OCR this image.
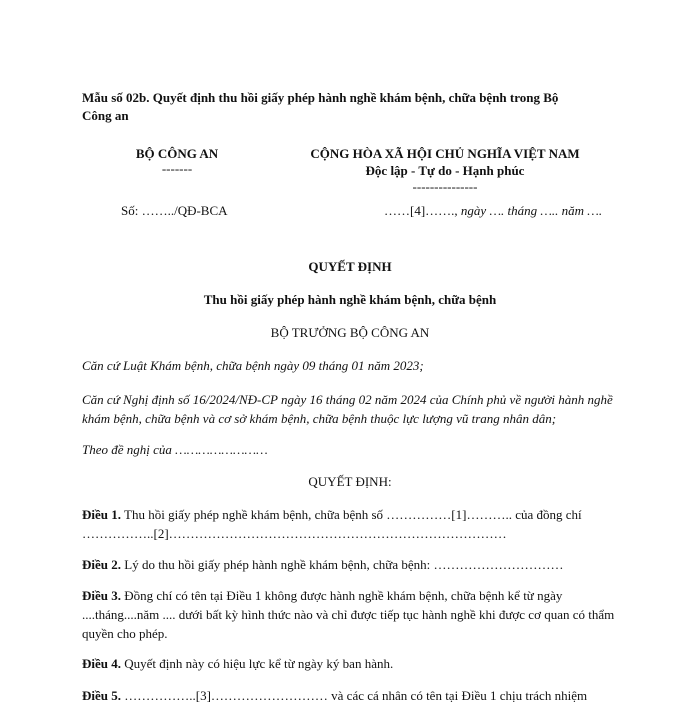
Mẫu số 02b. Quyết định thu hồi giấy phép hành nghề khám bệnh, chữa bệnh trong Bộ
Công an
BỘ CÔNG AN
-------
Số: ……../QĐ-BCA
CỘNG HÒA XÃ HỘI CHỦ NGHĨA VIỆT NAM
Độc lập - Tự do - Hạnh phúc
---------------
……[4]……., ngày …. tháng ….. năm ….
QUYẾT ĐỊNH
Thu hồi giấy phép hành nghề khám bệnh, chữa bệnh
BỘ TRƯỞNG BỘ CÔNG AN
Căn cứ Luật Khám bệnh, chữa bệnh ngày 09 tháng 01 năm 2023;
Căn cứ Nghị định số 16/2024/NĐ-CP ngày 16 tháng 02 năm 2024 của Chính phủ về người hành nghề khám bệnh, chữa bệnh và cơ sở khám bệnh, chữa bệnh thuộc lực lượng vũ trang nhân dân;
Theo đề nghị của ……………………
QUYẾT ĐỊNH:
Điều 1. Thu hồi giấy phép nghề khám bệnh, chữa bệnh số ……………[1]……….. của đồng chí ……………..[2]……………………………………………………………………
Điều 2. Lý do thu hồi giấy phép hành nghề khám bệnh, chữa bệnh: …………………………
Điều 3. Đồng chí có tên tại Điều 1 không được hành nghề khám bệnh, chữa bệnh kể từ ngày ....tháng....năm .... dưới bất kỳ hình thức nào và chỉ được tiếp tục hành nghề khi được cơ quan có thẩm quyền cho phép.
Điều 4. Quyết định này có hiệu lực kể từ ngày ký ban hành.
Điều 5. ……………..[3]……………………… và các cá nhân có tên tại Điều 1 chịu trách nhiệm
